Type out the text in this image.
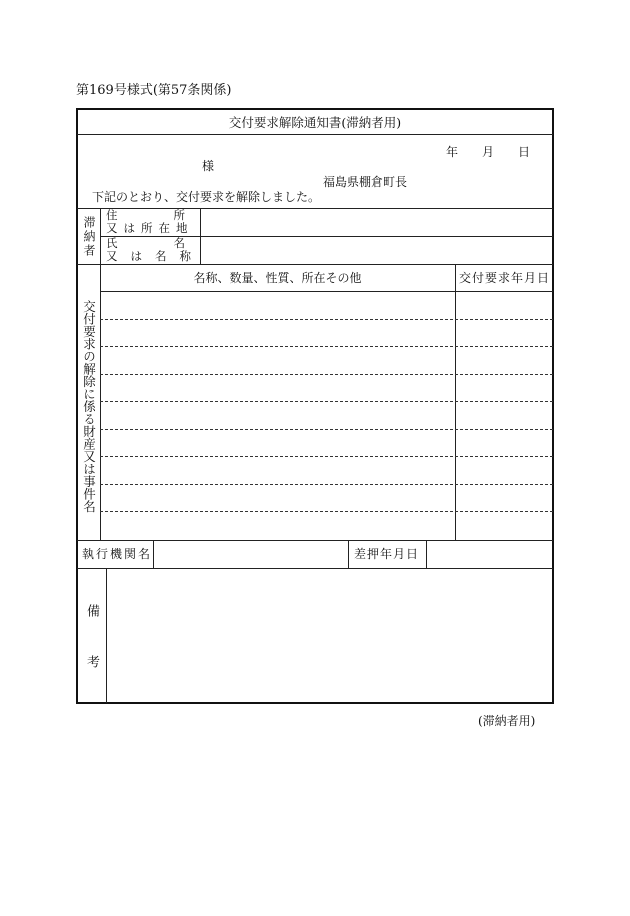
第169号様式(第57条関係)
交付要求解除通知書(滞納者用)
年 月 日
様
福島県棚倉町長
下記のとおり、交付要求を解除しました。
滞納者
住　　　　所
又は所在地
氏　　　　名
又は名称
名称、数量、性質、所在その他	交付要求年月日
交付要求の解除に係る財産又は事件名
執行機関名	差押年月日
備考
(滞納者用)
